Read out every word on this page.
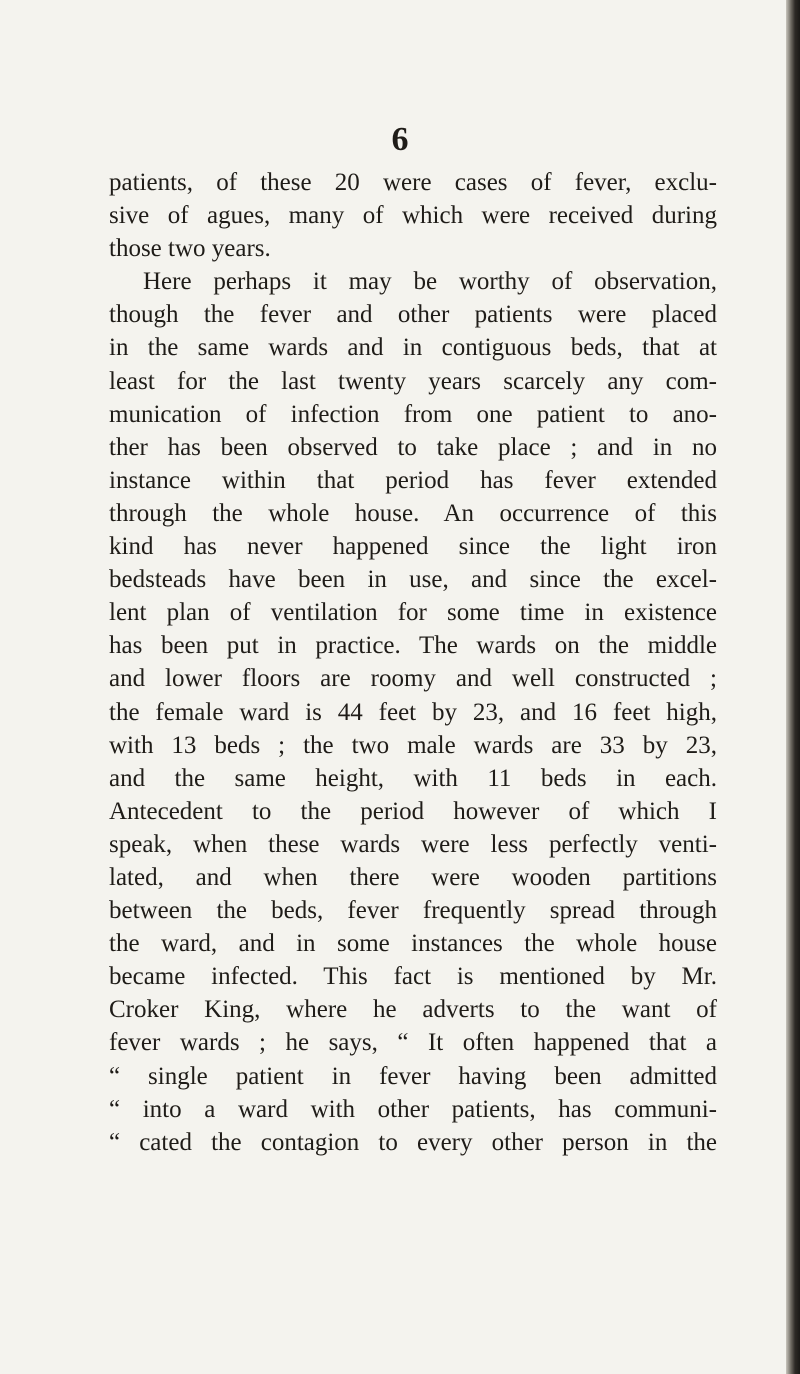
6
patients, of these 20 were cases of fever, exclu-
sive of agues, many of which were received during
those two years.
Here perhaps it may be worthy of observation,
though the fever and other patients were placed
in the same wards and in contiguous beds, that at
least for the last twenty years scarcely any com-
munication of infection from one patient to ano-
ther has been observed to take place ; and in no
instance within that period has fever extended
through the whole house. An occurrence of this
kind has never happened since the light iron
bedsteads have been in use, and since the excel-
lent plan of ventilation for some time in existence
has been put in practice. The wards on the middle
and lower floors are roomy and well constructed ;
the female ward is 44 feet by 23, and 16 feet high,
with 13 beds ; the two male wards are 33 by 23,
and the same height, with 11 beds in each.
Antecedent to the period however of which I
speak, when these wards were less perfectly venti-
lated, and when there were wooden partitions
between the beds, fever frequently spread through
the ward, and in some instances the whole house
became infected. This fact is mentioned by Mr.
Croker King, where he adverts to the want of
fever wards ; he says, “ It often happened that a
“ single patient in fever having been admitted
“ into a ward with other patients, has communi-
“ cated the contagion to every other person in the
